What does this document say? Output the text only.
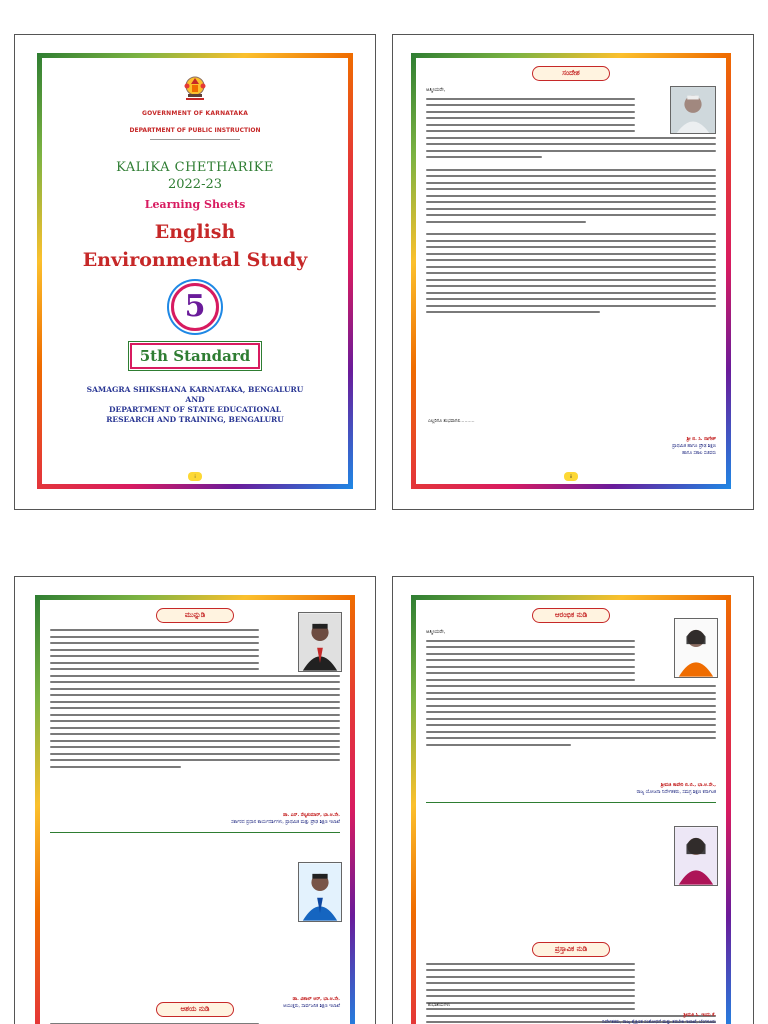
GOVERNMENT OF KARNATAKA
DEPARTMENT OF PUBLIC INSTRUCTION
KALIKA CHETHARIKE
2022-23
Learning Sheets
English
Environmental Study
5
5th Standard
SAMAGRA SHIKSHANA KARNATAKA, BENGALURU
AND
DEPARTMENT OF STATE EDUCATIONAL
RESEARCH AND TRAINING, BENGALURU
i
ಸಂದೇಶ
ಆತ್ಮೀಯರೇ,
ಎಲ್ಲರಿಗೂ ಶುಭವಾಗಲಿ..........
ಶ್ರೀ ಬಿ. ಸಿ. ನಾಗೇಶ್
ಪ್ರಾಥಮಿಕ ಹಾಗೂ ಪ್ರೌಢ ಶಿಕ್ಷಣ
ಹಾಗೂ ಸಕಾಲ ಸಚಿವರು
ii
ಮುನ್ನುಡಿ
ಡಾ. ಎಸ್. ಸೆಲ್ವಕುಮಾರ್, ಭಾ.ಆ.ಸೇ.
ಸರ್ಕಾರದ ಪ್ರಧಾನ ಕಾರ್ಯದರ್ಶಿಗಳು, ಪ್ರಾಥಮಿಕ ಮತ್ತು ಪ್ರೌಢ ಶಿಕ್ಷಣ ಇಲಾಖೆ
ಆಶಯ ನುಡಿ
ಡಾ. ವಿಶಾಲ್ ಆರ್, ಭಾ.ಆ.ಸೇ.
ಆಯುಕ್ತರು, ಸಾರ್ವಜನಿಕ ಶಿಕ್ಷಣ ಇಲಾಖೆ
ಆರಂಭಿಕ ನುಡಿ
ಆತ್ಮೀಯರೇ,
ಶ್ರೀಮತಿ ಕಾವೇರಿ ಬಿ.ಬಿ., ಭಾ.ಆ.ಸೇ.,
ರಾಜ್ಯ ಯೋಜನಾ ನಿರ್ದೇಶಕರು, ಸಮಗ್ರ ಶಿಕ್ಷಣ ಕರ್ನಾಟಕ
ಪ್ರಸ್ತಾವಿಕ ನುಡಿ
ಶುಭಾಶಯಗಳು
ಶ್ರೀಮತಿ ಸಿ. ಇಂದು ಕೆ.
ನಿರ್ದೇಶಕರು, ರಾಜ್ಯ ಶೈಕ್ಷಣಿಕ ಸಂಶೋಧನೆ ಮತ್ತು ತರಬೇತಿ ಇಲಾಖೆ, ಬೆಂಗಳೂರು
